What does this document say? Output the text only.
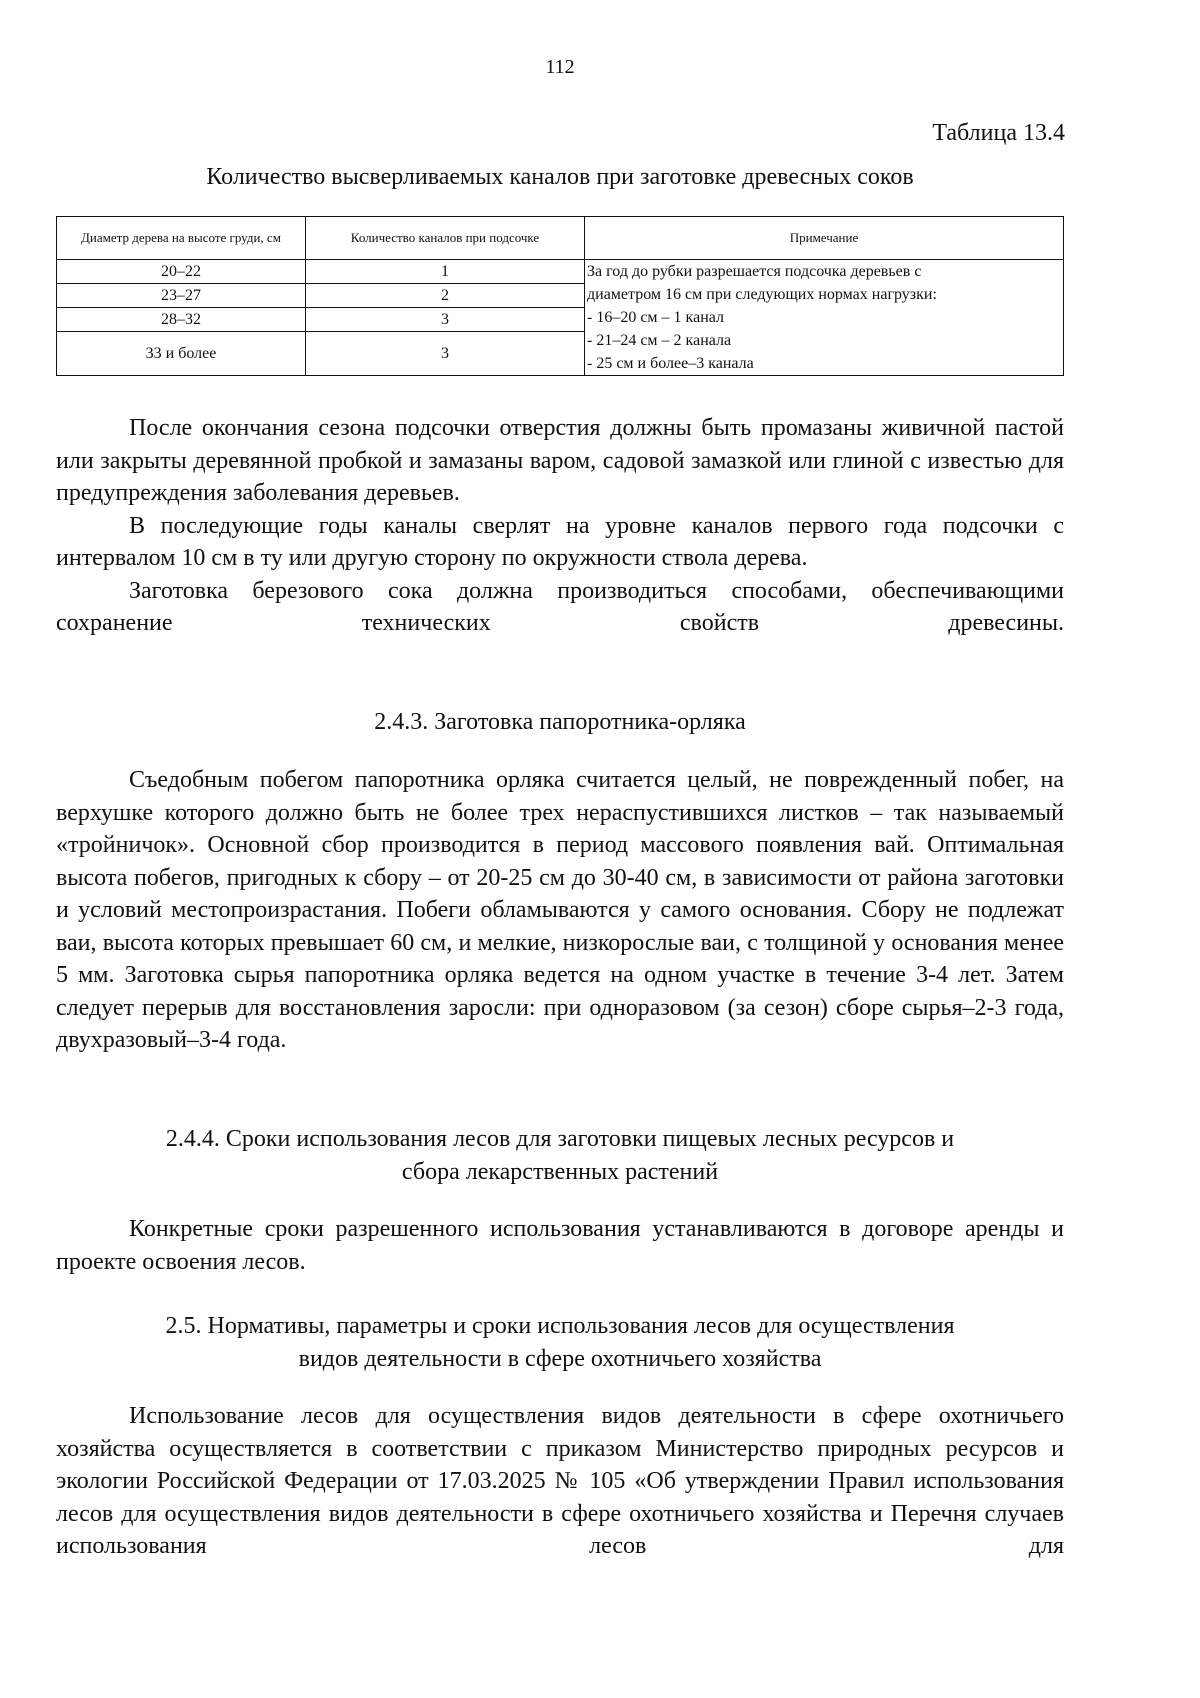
112
Таблица 13.4
Количество высверливаемых каналов при заготовке древесных соков
Диаметр дерева на высоте груди, см	Количество каналов при подсочке	Примечание
20–22	1	За год до рубки разрешается подсочка деревьев с
диаметром 16 см при следующих нормах нагрузки:
- 16–20 см – 1 канал
- 21–24 см – 2 канала
- 25 см и более–3 канала

23–27	2	
28–32	3	
33 и более	3	

После окончания сезона подсочки отверстия должны быть промазаны живичной пастой или закрыты деревянной пробкой и замазаны варом, садовой замазкой или глиной с известью для предупреждения заболевания деревьев.

В последующие годы каналы сверлят на уровне каналов первого года подсочки с интервалом 10 см в ту или другую сторону по окружности ствола дерева.

Заготовка березового сока должна производиться способами, обеспечивающими сохранение технических свойств древесины.

2.4.3. Заготовка папоротника-орляка

Съедобным побегом папоротника орляка считается целый, не поврежденный побег, на верхушке которого должно быть не более трех нераспустившихся листков – так называемый «тройничок». Основной сбор производится в период массового появления вай. Оптимальная высота побегов, пригодных к сбору – от 20-25 см до 30-40 см, в зависимости от района заготовки и условий местопроизрастания. Побеги обламываются у самого основания. Сбору не подлежат ваи, высота которых превышает 60 см, и мелкие, низкорослые ваи, с толщиной у основания менее 5 мм. Заготовка сырья папоротника орляка ведется на одном участке в течение 3-4 лет. Затем следует перерыв для восстановления заросли: при одноразовом (за сезон) сборе сырья–2-3 года, двухразовый–3-4 года.

2.4.4. Сроки использования лесов для заготовки пищевых лесных ресурсов и
сбора лекарственных растений

Конкретные сроки разрешенного использования устанавливаются в договоре аренды и проекте освоения лесов.

2.5. Нормативы, параметры и сроки использования лесов для осуществления
видов деятельности в сфере охотничьего хозяйства

Использование лесов для осуществления видов деятельности в сфере охотничьего хозяйства осуществляется в соответствии с приказом Министерство природных ресурсов и экологии Российской Федерации от 17.03.2025 № 105 «Об утверждении Правил использования лесов для осуществления видов деятельности в сфере охотничьего хозяйства и Перечня случаев использования лесов для
